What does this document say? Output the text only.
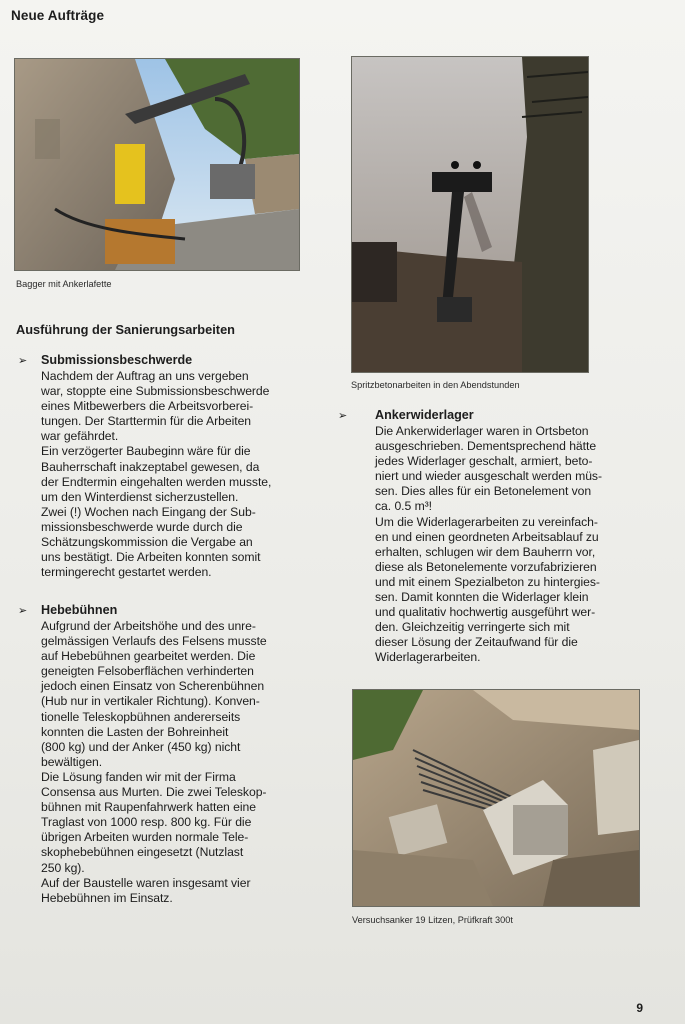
Neue Aufträge
Bagger mit Ankerlafette
Spritzbetonarbeiten in den Abendstunden
Ausführung der Sanierungsarbeiten
➢ Submissionsbeschwerde
Nachdem der Auftrag an uns vergeben
war, stoppte eine Submissionsbeschwerde
eines Mitbewerbers die Arbeitsvorberei-
tungen. Der Starttermin für die Arbeiten
war gefährdet.
Ein verzögerter Baubeginn wäre für die
Bauherrschaft inakzeptabel gewesen, da
der Endtermin eingehalten werden musste,
um den Winterdienst sicherzustellen.
Zwei (!) Wochen nach Eingang der Sub-
missionsbeschwerde wurde durch die
Schätzungskommission die Vergabe an
uns bestätigt. Die Arbeiten konnten somit
termingerecht gestartet werden.
➢ Hebebühnen
Aufgrund der Arbeitshöhe und des unre-
gelmässigen Verlaufs des Felsens musste
auf Hebebühnen gearbeitet werden. Die
geneigten Felsoberflächen verhinderten
jedoch einen Einsatz von Scherenbühnen
(Hub nur in vertikaler Richtung). Konven-
tionelle Teleskopbühnen andererseits
konnten die Lasten der Bohreinheit
(800 kg) und der Anker (450 kg) nicht
bewältigen.
Die Lösung fanden wir mit der Firma
Consensa aus Murten. Die zwei Teleskop-
bühnen mit Raupenfahrwerk hatten eine
Traglast von 1000 resp. 800 kg. Für die
übrigen Arbeiten wurden normale Tele-
skophebebühnen eingesetzt (Nutzlast
250 kg).
Auf der Baustelle waren insgesamt vier
Hebebühnen im Einsatz.
➢ Ankerwiderlager
Die Ankerwiderlager waren in Ortsbeton
ausgeschrieben. Dementsprechend hätte
jedes Widerlager geschalt, armiert, beto-
niert und wieder ausgeschalt werden müs-
sen. Dies alles für ein Betonelement von
ca. 0.5 m³!
Um die Widerlagerarbeiten zu vereinfach-
en und einen geordneten Arbeitsablauf zu
erhalten, schlugen wir dem Bauherrn vor,
diese als Betonelemente vorzufabrizieren
und mit einem Spezialbeton zu hintergies-
sen. Damit konnten die Widerlager klein
und qualitativ hochwertig ausgeführt wer-
den. Gleichzeitig verringerte sich mit
dieser Lösung der Zeitaufwand für die
Widerlagerarbeiten.
Versuchsanker 19 Litzen, Prüfkraft 300t
9
